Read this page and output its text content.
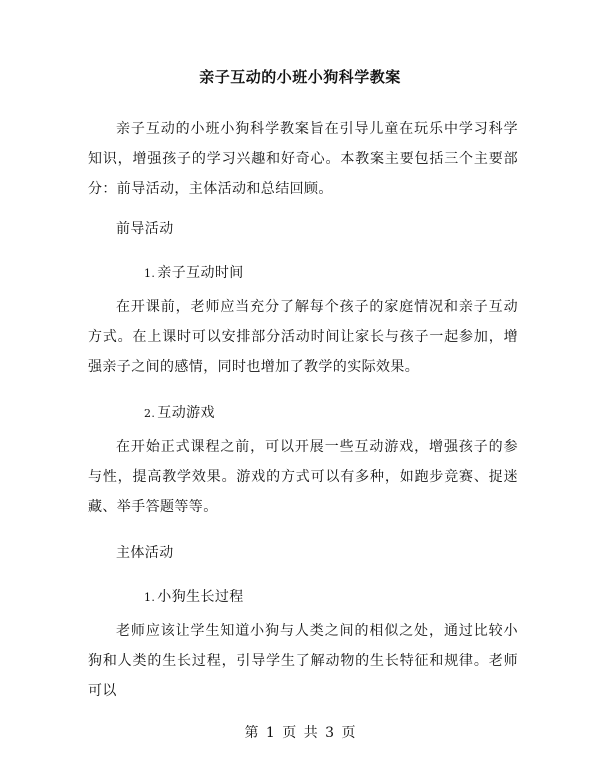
亲子互动的小班小狗科学教案
亲子互动的小班小狗科学教案旨在引导儿童在玩乐中学习科学知识，增强孩子的学习兴趣和好奇心。本教案主要包括三个主要部分：前导活动，主体活动和总结回顾。
前导活动
1. 亲子互动时间
在开课前，老师应当充分了解每个孩子的家庭情况和亲子互动方式。在上课时可以安排部分活动时间让家长与孩子一起参加，增强亲子之间的感情，同时也增加了教学的实际效果。
2. 互动游戏
在开始正式课程之前，可以开展一些互动游戏，增强孩子的参与性，提高教学效果。游戏的方式可以有多种，如跑步竞赛、捉迷藏、举手答题等等。
主体活动
1. 小狗生长过程
老师应该让学生知道小狗与人类之间的相似之处，通过比较小狗和人类的生长过程，引导学生了解动物的生长特征和规律。老师可以
第 1 页 共 3 页
